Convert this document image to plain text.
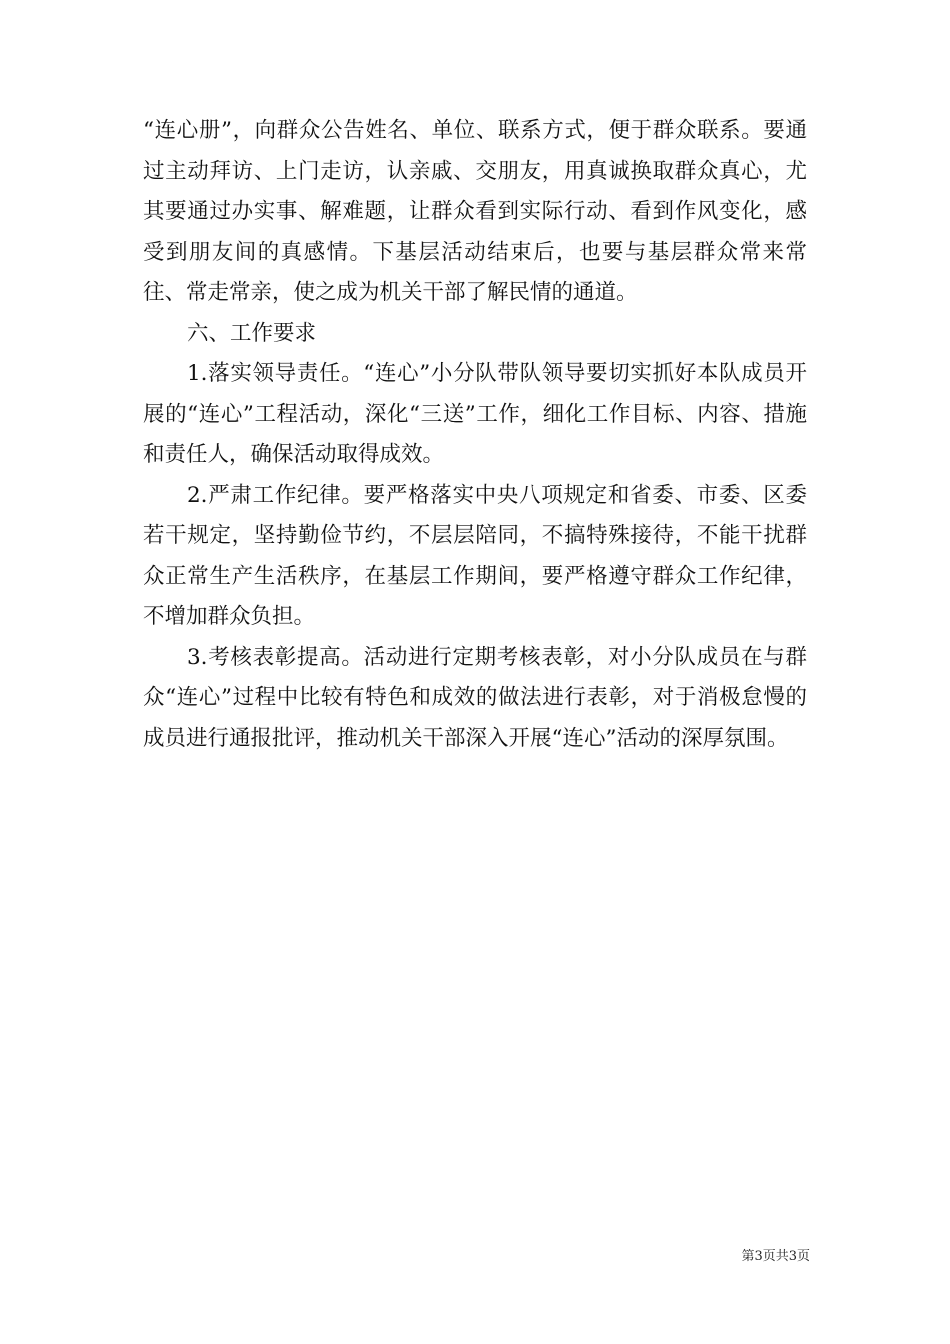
“连心册”，向群众公告姓名、单位、联系方式，便于群众联系。要通过主动拜访、上门走访，认亲戚、交朋友，用真诚换取群众真心，尤其要通过办实事、解难题，让群众看到实际行动、看到作风变化，感受到朋友间的真感情。下基层活动结束后，也要与基层群众常来常往、常走常亲，使之成为机关干部了解民情的通道。

六、工作要求

1.落实领导责任。“连心”小分队带队领导要切实抓好本队成员开展的“连心”工程活动，深化“三送”工作，细化工作目标、内容、措施和责任人，确保活动取得成效。

2.严肃工作纪律。要严格落实中央八项规定和省委、市委、区委若干规定，坚持勤俭节约，不层层陪同，不搞特殊接待，不能干扰群众正常生产生活秩序，在基层工作期间，要严格遵守群众工作纪律，不增加群众负担。

3.考核表彰提高。活动进行定期考核表彰，对小分队成员在与群众“连心”过程中比较有特色和成效的做法进行表彰，对于消极怠慢的成员进行通报批评，推动机关干部深入开展“连心”活动的深厚氛围。

第3页共3页
